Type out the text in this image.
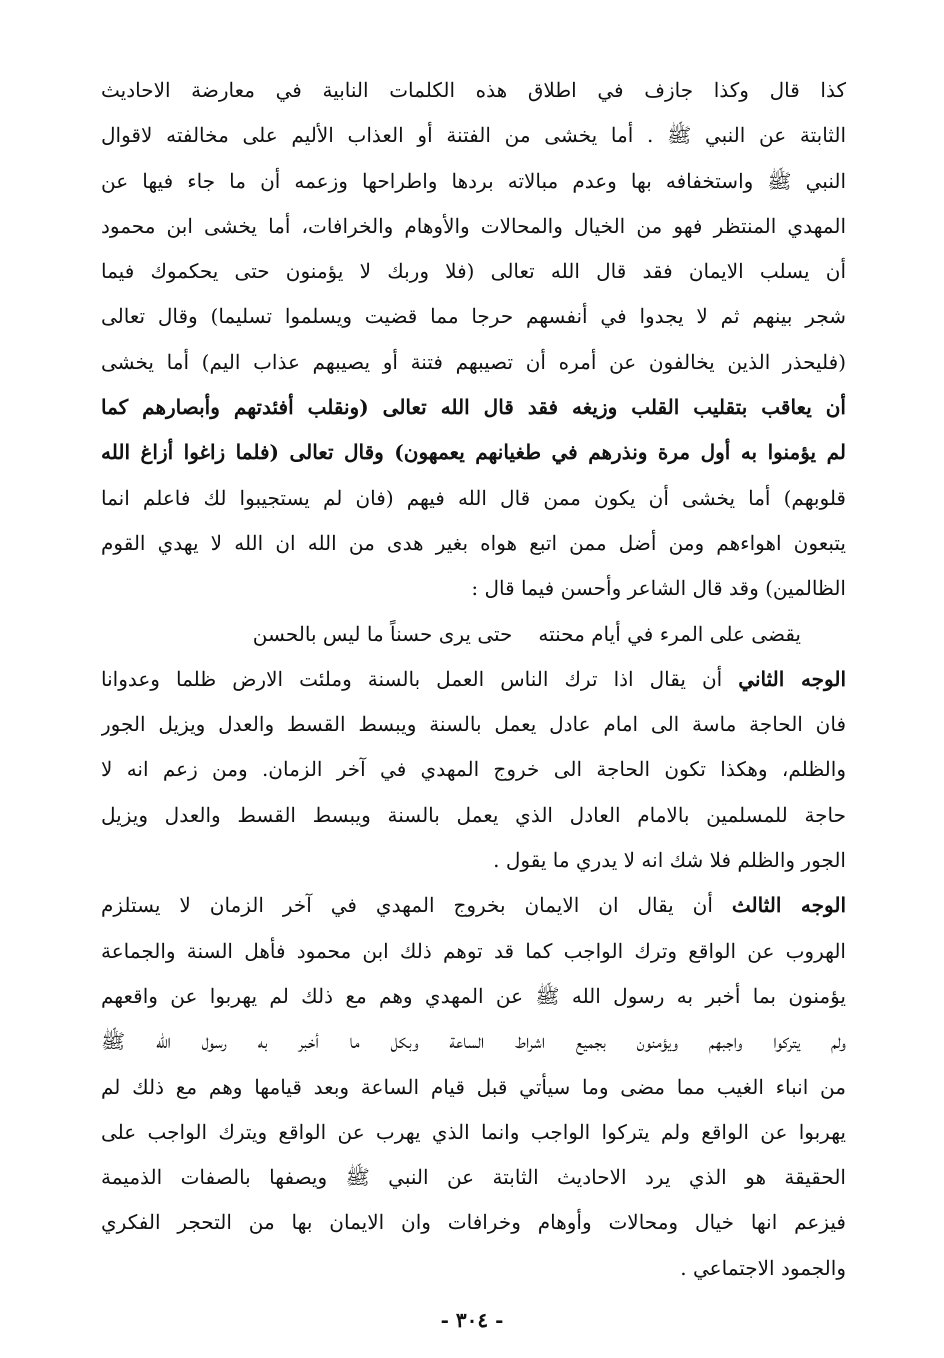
كذا قال وكذا جازف في اطلاق هذه الكلمات النابية في معارضة الاحاديث
الثابتة عن النبي ﷺ . أما يخشى من الفتنة أو العذاب الأليم على مخالفته لاقوال
النبي ﷺ واستخفافه بها وعدم مبالاته بردها واطراحها وزعمه أن ما جاء فيها عن
المهدي المنتظر فهو من الخيال والمحالات والأوهام والخرافات، أما يخشى ابن محمود
أن يسلب الايمان فقد قال الله تعالى (فلا وربك لا يؤمنون حتى يحكموك فيما
شجر بينهم ثم لا يجدوا في أنفسهم حرجا مما قضيت ويسلموا تسليما) وقال تعالى
(فليحذر الذين يخالفون عن أمره أن تصيبهم فتنة أو يصيبهم عذاب اليم) أما يخشى
أن يعاقب بتقليب القلب وزيغه فقد قال الله تعالى (ونقلب أفئدتهم وأبصارهم كما
لم يؤمنوا به أول مرة ونذرهم في طغيانهم يعمهون) وقال تعالى (فلما زاغوا أزاغ الله
قلوبهم) أما يخشى أن يكون ممن قال الله فيهم (فان لم يستجيبوا لك فاعلم انما
يتبعون اهواءهم ومن أضل ممن اتبع هواه بغير هدى من الله ان الله لا يهدي القوم
الظالمين) وقد قال الشاعر وأحسن فيما قال :
يقضى على المرء في أيام محنتهحتى يرى حسناً ما ليس بالحسن
الوجه الثاني أن يقال اذا ترك الناس العمل بالسنة وملئت الارض ظلما وعدوانا
فان الحاجة ماسة الى امام عادل يعمل بالسنة ويبسط القسط والعدل ويزيل الجور
والظلم، وهكذا تكون الحاجة الى خروج المهدي في آخر الزمان. ومن زعم انه لا
حاجة للمسلمين بالامام العادل الذي يعمل بالسنة ويبسط القسط والعدل ويزيل
الجور والظلم فلا شك انه لا يدري ما يقول .
الوجه الثالث أن يقال ان الايمان بخروج المهدي في آخر الزمان لا يستلزم
الهروب عن الواقع وترك الواجب كما قد توهم ذلك ابن محمود فأهل السنة والجماعة
يؤمنون بما أخبر به رسول الله ﷺ عن المهدي وهم مع ذلك لم يهربوا عن واقعهم
ولم يتركوا واجبهم ويؤمنون بجميع اشراط الساعة وبكل ما أخبر به رسول الله ﷺ
من انباء الغيب مما مضى وما سيأتي قبل قيام الساعة وبعد قيامها وهم مع ذلك لم
يهربوا عن الواقع ولم يتركوا الواجب وانما الذي يهرب عن الواقع ويترك الواجب على
الحقيقة هو الذي يرد الاحاديث الثابتة عن النبي ﷺ ويصفها بالصفات الذميمة
فيزعم انها خيال ومحالات وأوهام وخرافات وان الايمان بها من التحجر الفكري
والجمود الاجتماعي .
- ٣٠٤ -
